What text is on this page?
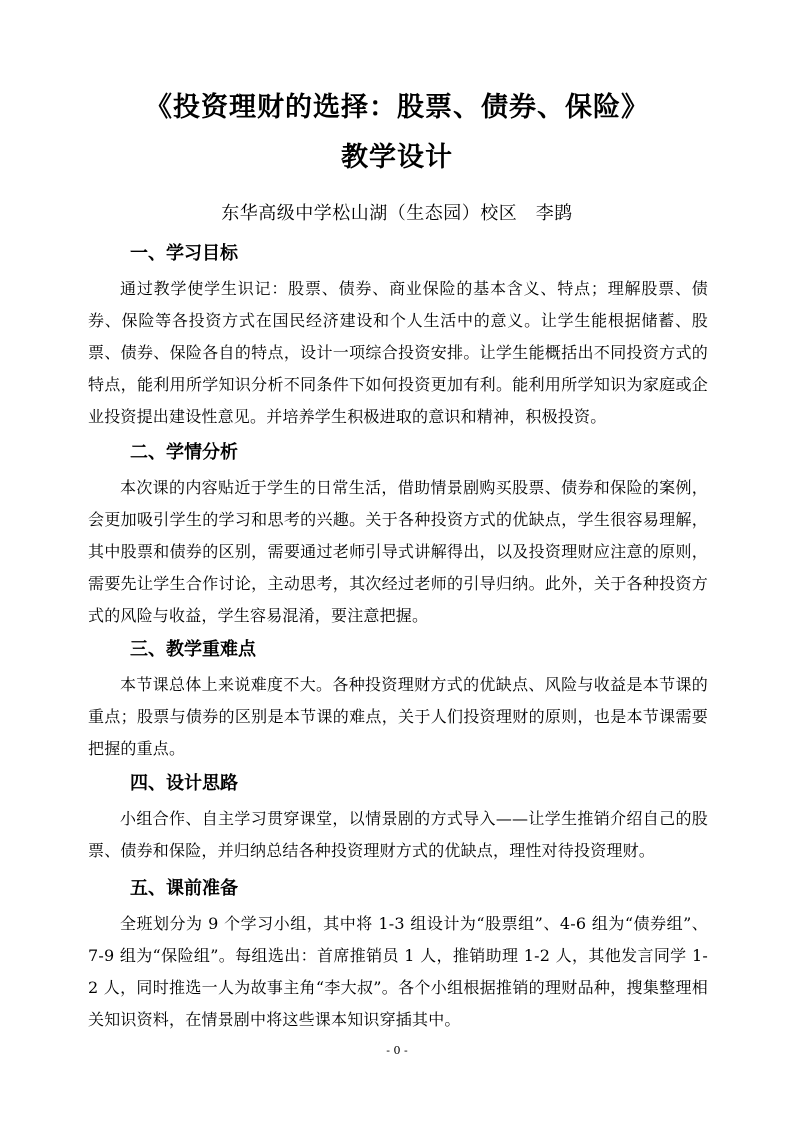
《投资理财的选择：股票、债券、保险》
教学设计
东华高级中学松山湖（生态园）校区　李鹍
一、学习目标
通过教学使学生识记：股票、债券、商业保险的基本含义、特点；理解股票、债券、保险等各投资方式在国民经济建设和个人生活中的意义。让学生能根据储蓄、股票、债券、保险各自的特点，设计一项综合投资安排。让学生能概括出不同投资方式的特点，能利用所学知识分析不同条件下如何投资更加有利。能利用所学知识为家庭或企业投资提出建设性意见。并培养学生积极进取的意识和精神，积极投资。
二、学情分析
本次课的内容贴近于学生的日常生活，借助情景剧购买股票、债券和保险的案例，会更加吸引学生的学习和思考的兴趣。关于各种投资方式的优缺点，学生很容易理解，其中股票和债券的区别，需要通过老师引导式讲解得出，以及投资理财应注意的原则，需要先让学生合作讨论，主动思考，其次经过老师的引导归纳。此外，关于各种投资方式的风险与收益，学生容易混淆，要注意把握。
三、教学重难点
本节课总体上来说难度不大。各种投资理财方式的优缺点、风险与收益是本节课的重点；股票与债券的区别是本节课的难点，关于人们投资理财的原则，也是本节课需要把握的重点。
四、设计思路
小组合作、自主学习贯穿课堂，以情景剧的方式导入——让学生推销介绍自己的股票、债券和保险，并归纳总结各种投资理财方式的优缺点，理性对待投资理财。
五、课前准备
全班划分为 9 个学习小组，其中将 1-3 组设计为“股票组”、4-6 组为“债券组”、7-9 组为“保险组”。每组选出：首席推销员 1 人，推销助理 1-2 人，其他发言同学 1-2 人，同时推选一人为故事主角“李大叔”。各个小组根据推销的理财品种，搜集整理相关知识资料，在情景剧中将这些课本知识穿插其中。
- 0 -
